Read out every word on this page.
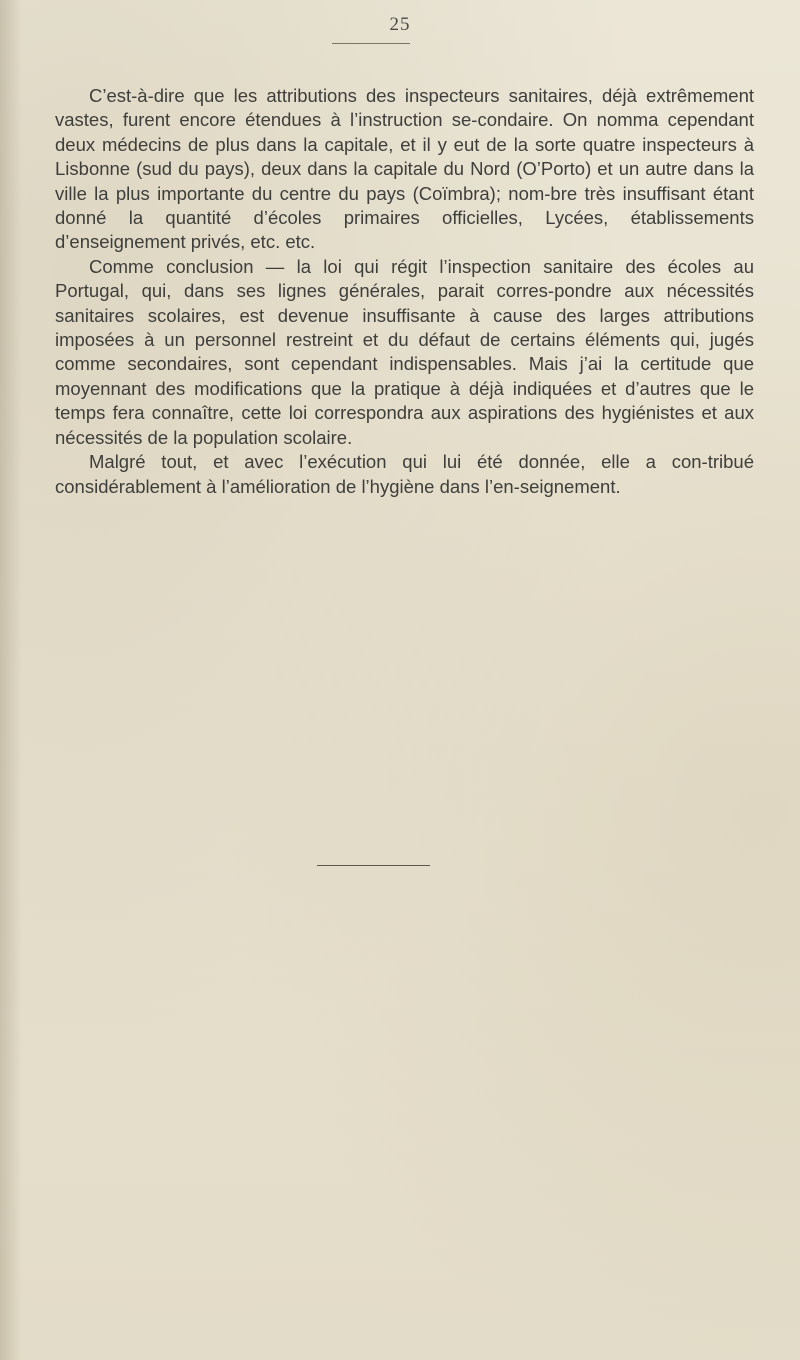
25

C’est-à-dire que les attributions des inspecteurs sanitaires, déjà extrêmement vastes, furent encore étendues à l’instruction se-condaire. On nomma cependant deux médecins de plus dans la capitale, et il y eut de la sorte quatre inspecteurs à Lisbonne (sud du pays), deux dans la capitale du Nord (O’Porto) et un autre dans la ville la plus importante du centre du pays (Coïmbra); nom-bre très insuffisant étant donné la quantité d’écoles primaires officielles, Lycées, établissements d’enseignement privés, etc. etc.

Comme conclusion — la loi qui régit l’inspection sanitaire des écoles au Portugal, qui, dans ses lignes générales, parait corres-pondre aux nécessités sanitaires scolaires, est devenue insuffisante à cause des larges attributions imposées à un personnel restreint et du défaut de certains éléments qui, jugés comme secondaires, sont cependant indispensables. Mais j’ai la certitude que moyennant des modifications que la pratique à déjà indiquées et d’autres que le temps fera connaître, cette loi correspondra aux aspirations des hygiénistes et aux nécessités de la population scolaire.

Malgré tout, et avec l’exécution qui lui été donnée, elle a con-tribué considérablement à l’amélioration de l’hygiène dans l’en-seignement.
